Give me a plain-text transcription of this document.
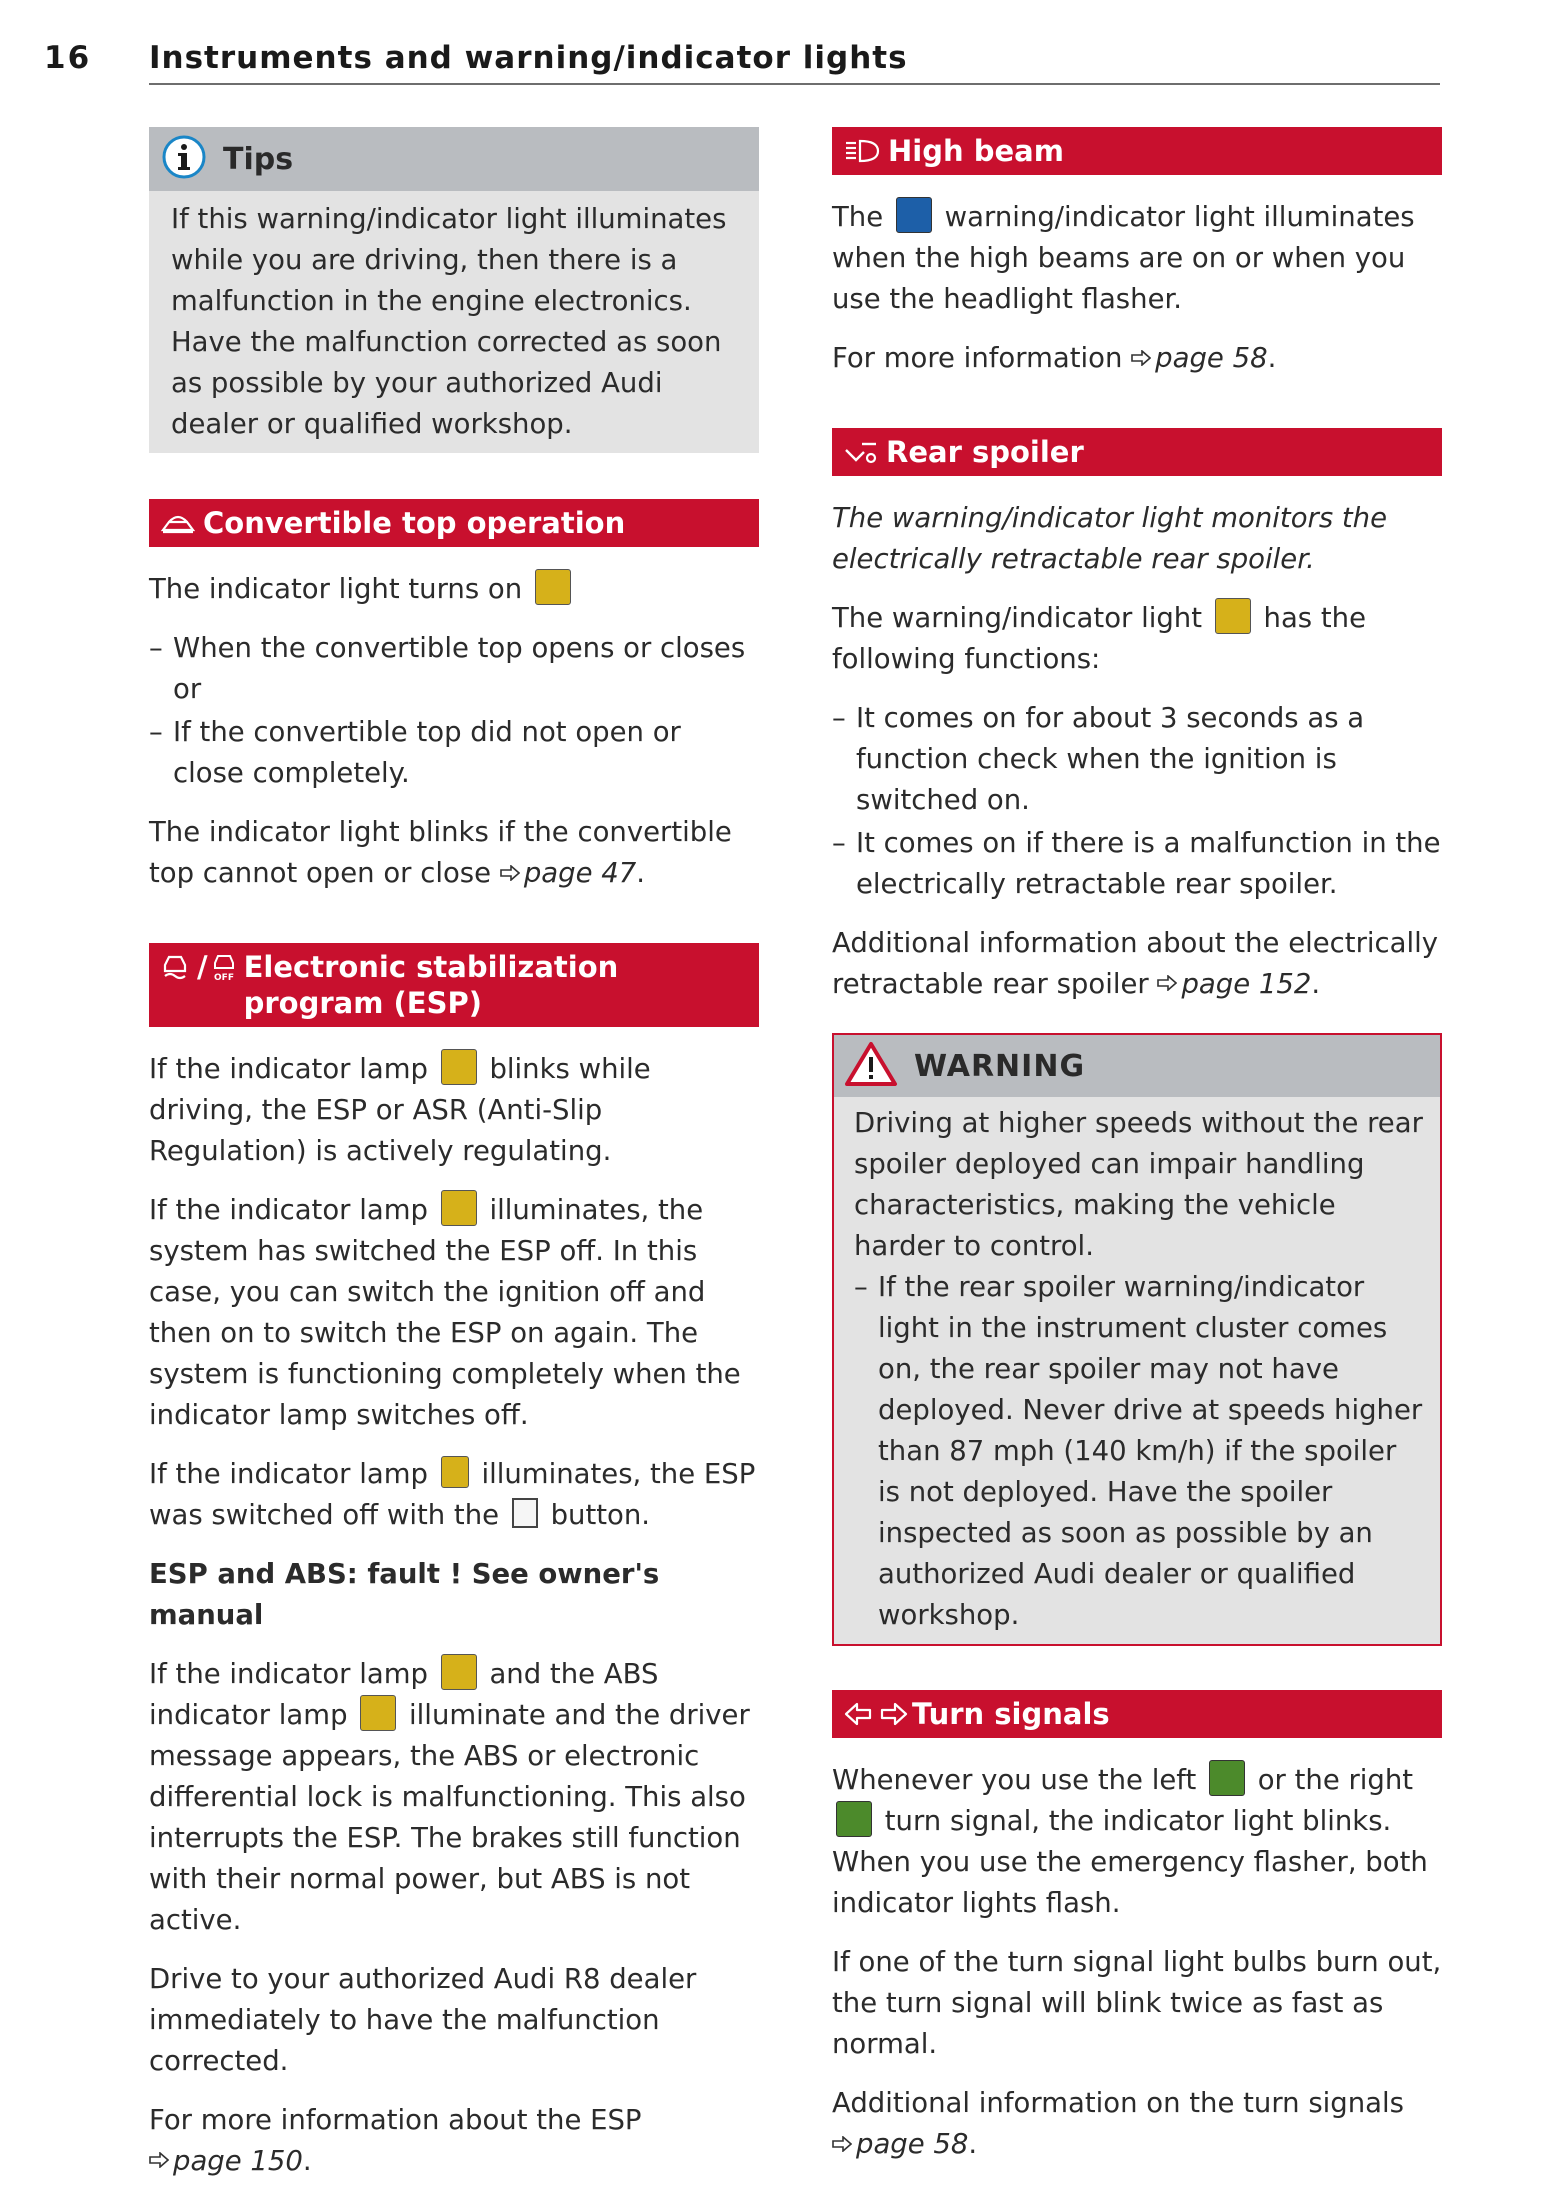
16 Instruments and warning/indicator lights
Tips
If this warning/indicator light illuminates while you are driving, then there is a malfunction in the engine electronics. Have the malfunction corrected as soon as possible by your authorized Audi dealer or qualified workshop.
Convertible top operation

The indicator light turns on

– When the convertible top opens or closes or
– If the convertible top did not open or close completely.

The indicator light blinks if the convertible top cannot open or close page 47.

/ OFF Electronic stabilization program (ESP)

If the indicator lamp blinks while driving, the ESP or ASR (Anti-Slip Regulation) is actively regulating.

If the indicator lamp illuminates, the system has switched the ESP off. In this case, you can switch the ignition off and then on to switch the ESP on again. The system is functioning completely when the indicator lamp switches off.

If the indicator lamp illuminates, the ESP was switched off with the button.

ESP and ABS: fault ! See owner's manual

If the indicator lamp and the ABS indicator lamp illuminate and the driver message appears, the ABS or electronic differential lock is malfunctioning. This also interrupts the ESP. The brakes still function with their normal power, but ABS is not active.

Drive to your authorized Audi R8 dealer immediately to have the malfunction corrected.

For more information about the ESP
page 150.

High beam

The warning/indicator light illuminates when the high beams are on or when you use the headlight flasher.

For more information page 58.

Rear spoiler

The warning/indicator light monitors the electrically retractable rear spoiler.

The warning/indicator light has the following functions:

– It comes on for about 3 seconds as a function check when the ignition is switched on.
– It comes on if there is a malfunction in the electrically retractable rear spoiler.

Additional information about the electrically retractable rear spoiler page 152.

WARNING

Driving at higher speeds without the rear spoiler deployed can impair handling characteristics, making the vehicle harder to control.

– If the rear spoiler warning/indicator light in the instrument cluster comes on, the rear spoiler may not have deployed. Never drive at speeds higher than 87 mph (140 km/h) if the spoiler is not deployed. Have the spoiler inspected as soon as possible by an authorized Audi dealer or qualified workshop.
Turn signals

Whenever you use the left or the right  turn signal, the indicator light blinks. When you use the emergency flasher, both indicator lights flash.

If one of the turn signal light bulbs burn out, the turn signal will blink twice as fast as normal.

Additional information on the turn signals
page 58.
